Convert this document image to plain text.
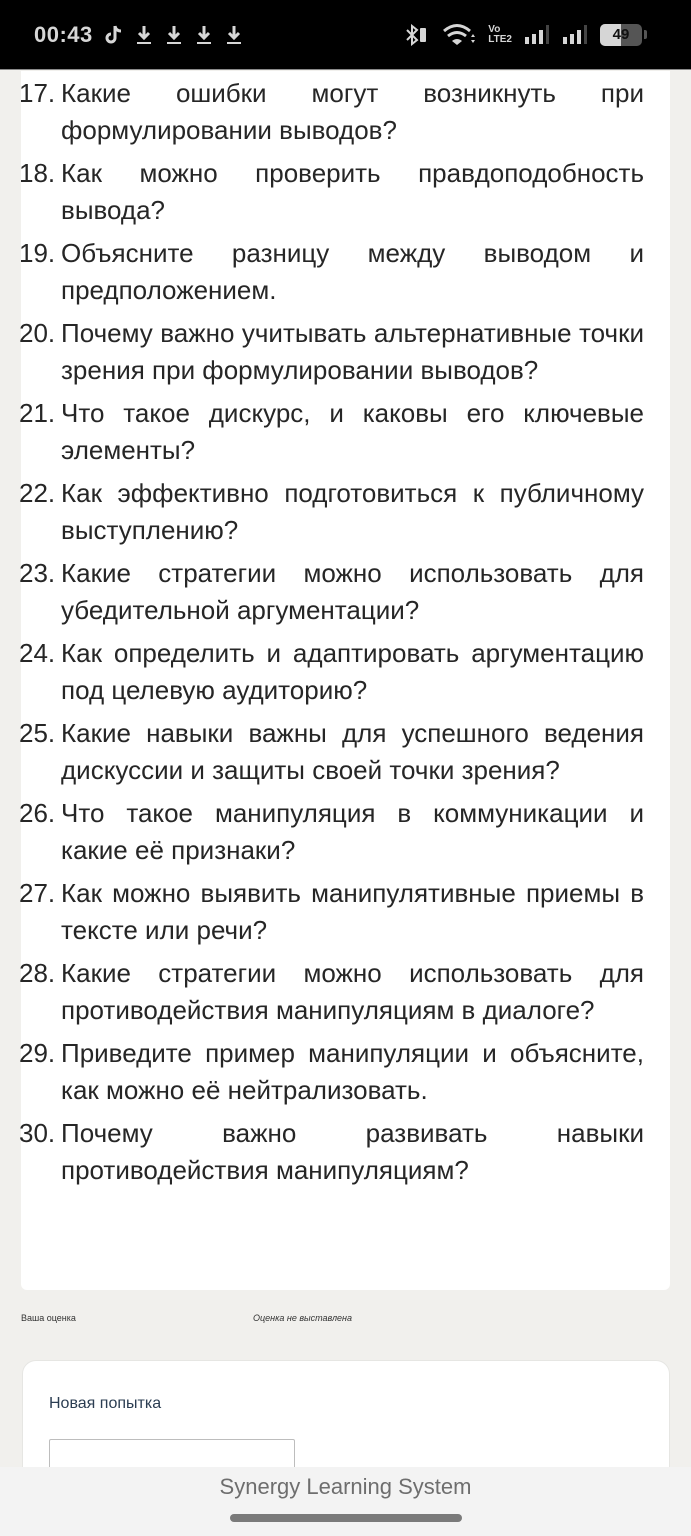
00:43	Vo
LTE2	49
17. Какие ошибки могут возникнуть при формулировании выводов?
18. Как можно проверить правдоподобность вывода?
19. Объясните разницу между выводом и предположением.
20. Почему важно учитывать альтернативные точки зрения при формулировании выводов?
21. Что такое дискурс, и каковы его ключевые элементы?
22. Как эффективно подготовиться к публичному выступлению?
23. Какие стратегии можно использовать для убедительной аргументации?
24. Как определить и адаптировать аргументацию под целевую аудиторию?
25. Какие навыки важны для успешного ведения дискуссии и защиты своей точки зрения?
26. Что такое манипуляция в коммуникации и какие её признаки?
27. Как можно выявить манипулятивные приемы в тексте или речи?
28. Какие стратегии можно использовать для противодействия манипуляциям в диалоге?
29. Приведите пример манипуляции и объясните, как можно её нейтрализовать.
30. Почему важно развивать навыки противодействия манипуляциям?
Ваша оценка	Оценка не выставлена
Новая попытка
Synergy Learning System
